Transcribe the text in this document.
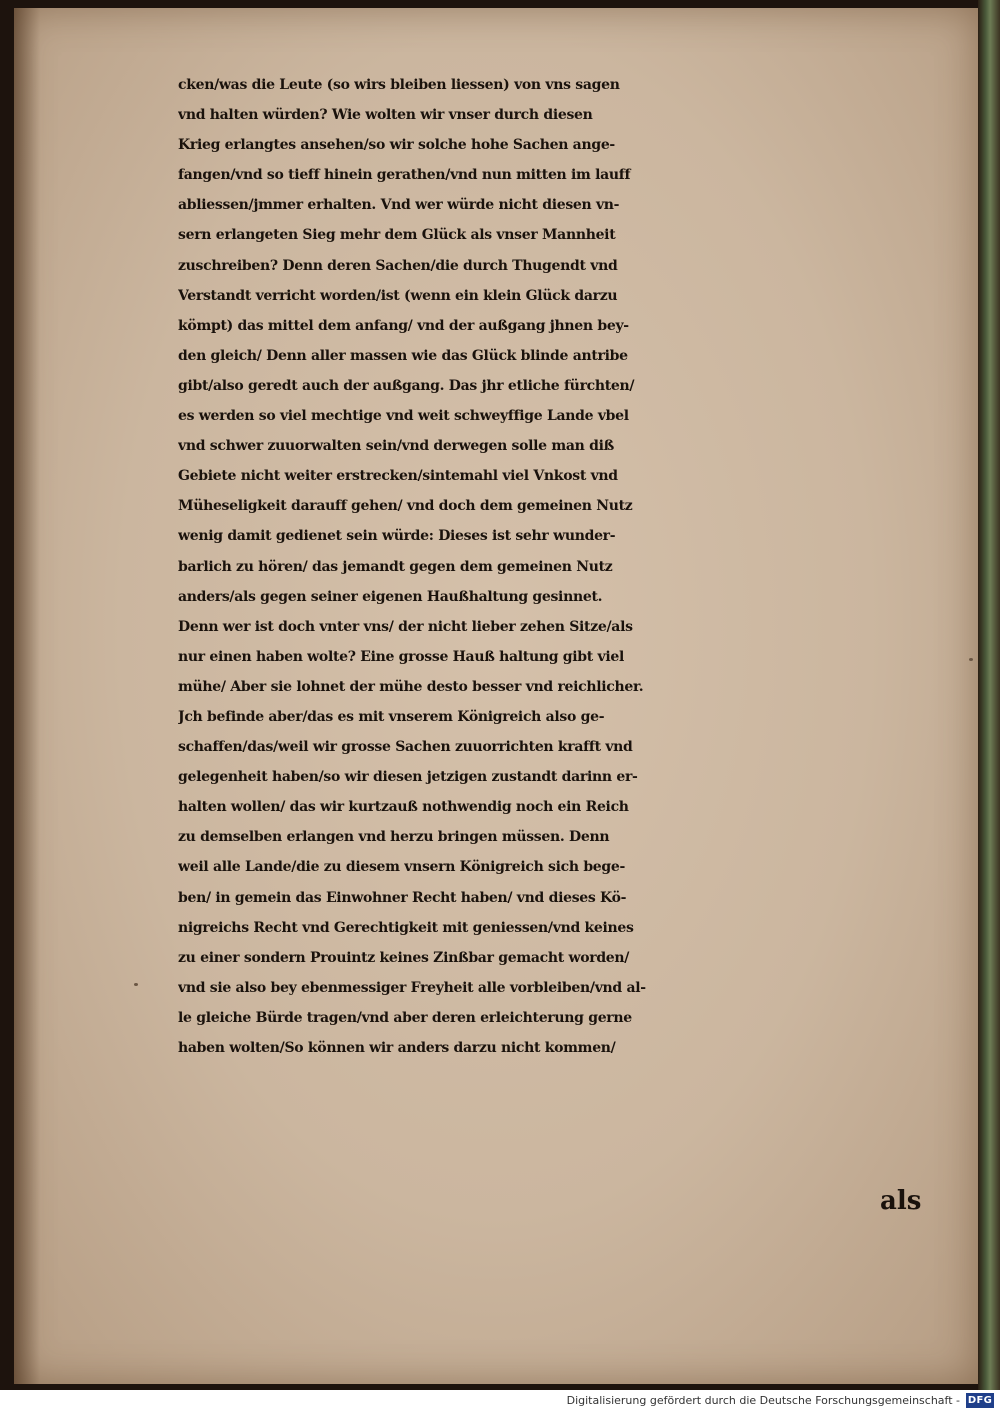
cken/was die Leute (so wirs bleiben liessen) von vns sagen
vnd halten würden? Wie wolten wir vnser durch diesen
Krieg erlangtes ansehen/so wir solche hohe Sachen ange-
fangen/vnd so tieff hinein gerathen/vnd nun mitten im lauff
abliessen/jmmer erhalten. Vnd wer würde nicht diesen vn-
sern erlangeten Sieg mehr dem Glück als vnser Mannheit
zuschreiben? Denn deren Sachen/die durch Thugendt vnd
Verstandt verricht worden/ist (wenn ein klein Glück darzu
kömpt) das mittel dem anfang/ vnd der außgang jhnen bey-
den gleich/ Denn aller massen wie das Glück blinde antribe
gibt/also geredt auch der außgang. Das jhr etliche fürchten/
es werden so viel mechtige vnd weit schweyffige Lande vbel
vnd schwer zuuorwalten sein/vnd derwegen solle man diß
Gebiete nicht weiter erstrecken/sintemahl viel Vnkost vnd
Müheseligkeit darauff gehen/ vnd doch dem gemeinen Nutz
wenig damit gedienet sein würde: Dieses ist sehr wunder-
barlich zu hören/ das jemandt gegen dem gemeinen Nutz
anders/als gegen seiner eigenen Haußhaltung gesinnet.
Denn wer ist doch vnter vns/ der nicht lieber zehen Sitze/als
nur einen haben wolte? Eine grosse Hauß haltung gibt viel
mühe/ Aber sie lohnet der mühe desto besser vnd reichlicher.
Jch befinde aber/das es mit vnserem Königreich also ge-
schaffen/das/weil wir grosse Sachen zuuorrichten krafft vnd
gelegenheit haben/so wir diesen jetzigen zustandt darinn er-
halten wollen/ das wir kurtzauß nothwendig noch ein Reich
zu demselben erlangen vnd herzu bringen müssen. Denn
weil alle Lande/die zu diesem vnsern Königreich sich bege-
ben/ in gemein das Einwohner Recht haben/ vnd dieses Kö-
nigreichs Recht vnd Gerechtigkeit mit geniessen/vnd keines
zu einer sondern Prouintz keines Zinßbar gemacht worden/
vnd sie also bey ebenmessiger Freyheit alle vorbleiben/vnd al-
le gleiche Bürde tragen/vnd aber deren erleichterung gerne
haben wolten/So können wir anders darzu nicht kommen/
als
Digitalisierung gefördert durch die Deutsche Forschungsgemeinschaft - DFG
